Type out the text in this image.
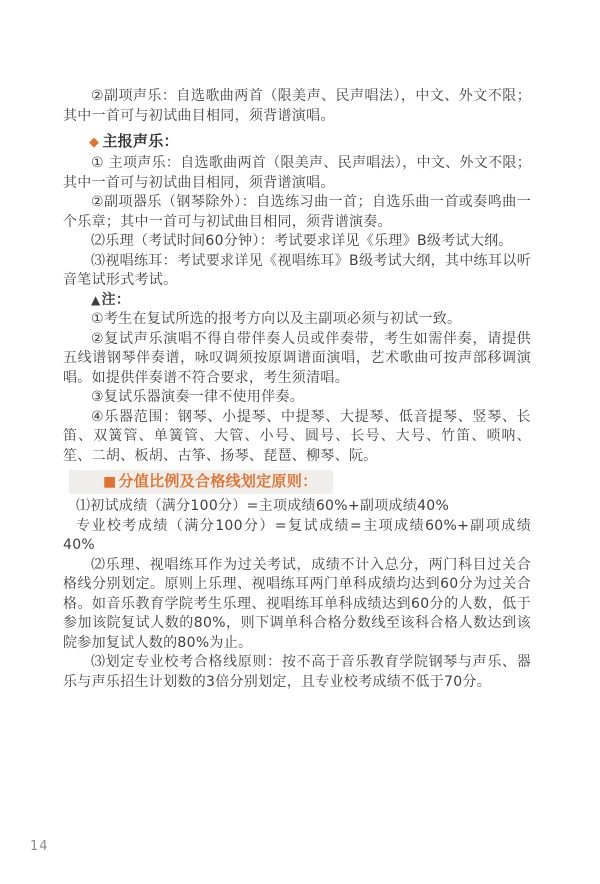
②副项声乐：自选歌曲两首（限美声、民声唱法），中文、外文不限；其中一首可与初试曲目相同，须背谱演唱。

◆ 主报声乐：

① 主项声乐：自选歌曲两首（限美声、民声唱法），中文、外文不限；其中一首可与初试曲目相同，须背谱演唱。

②副项器乐（钢琴除外）：自选练习曲一首；自选乐曲一首或奏鸣曲一个乐章；其中一首可与初试曲目相同，须背谱演奏。

⑵乐理（考试时间60分钟）：考试要求详见《乐理》B级考试大纲。

⑶视唱练耳：考试要求详见《视唱练耳》B级考试大纲，其中练耳以听音笔试形式考试。

▲注：

①考生在复试所选的报考方向以及主副项必须与初试一致。

②复试声乐演唱不得自带伴奏人员或伴奏带，考生如需伴奏，请提供五线谱钢琴伴奏谱，咏叹调须按原调谱面演唱，艺术歌曲可按声部移调演唱。如提供伴奏谱不符合要求，考生须清唱。

③复试乐器演奏一律不使用伴奏。

④乐器范围：钢琴、小提琴、中提琴、大提琴、低音提琴、竖琴、长笛、双簧管、单簧管、大管、小号、圆号、长号、大号、竹笛、唢呐、笙、二胡、板胡、古筝、扬琴、琵琶、柳琴、阮。

■ 分值比例及合格线划定原则：

⑴初试成绩（满分100分）=主项成绩60%+副项成绩40%

专业校考成绩（满分100分）=复试成绩=主项成绩60%+副项成绩40%

⑵乐理、视唱练耳作为过关考试，成绩不计入总分，两门科目过关合格线分别划定。原则上乐理、视唱练耳两门单科成绩均达到60分为过关合格。如音乐教育学院考生乐理、视唱练耳单科成绩达到60分的人数，低于参加该院复试人数的80%，则下调单科合格分数线至该科合格人数达到该院参加复试人数的80%为止。

⑶划定专业校考合格线原则：按不高于音乐教育学院钢琴与声乐、器乐与声乐招生计划数的3倍分别划定，且专业校考成绩不低于70分。

14
